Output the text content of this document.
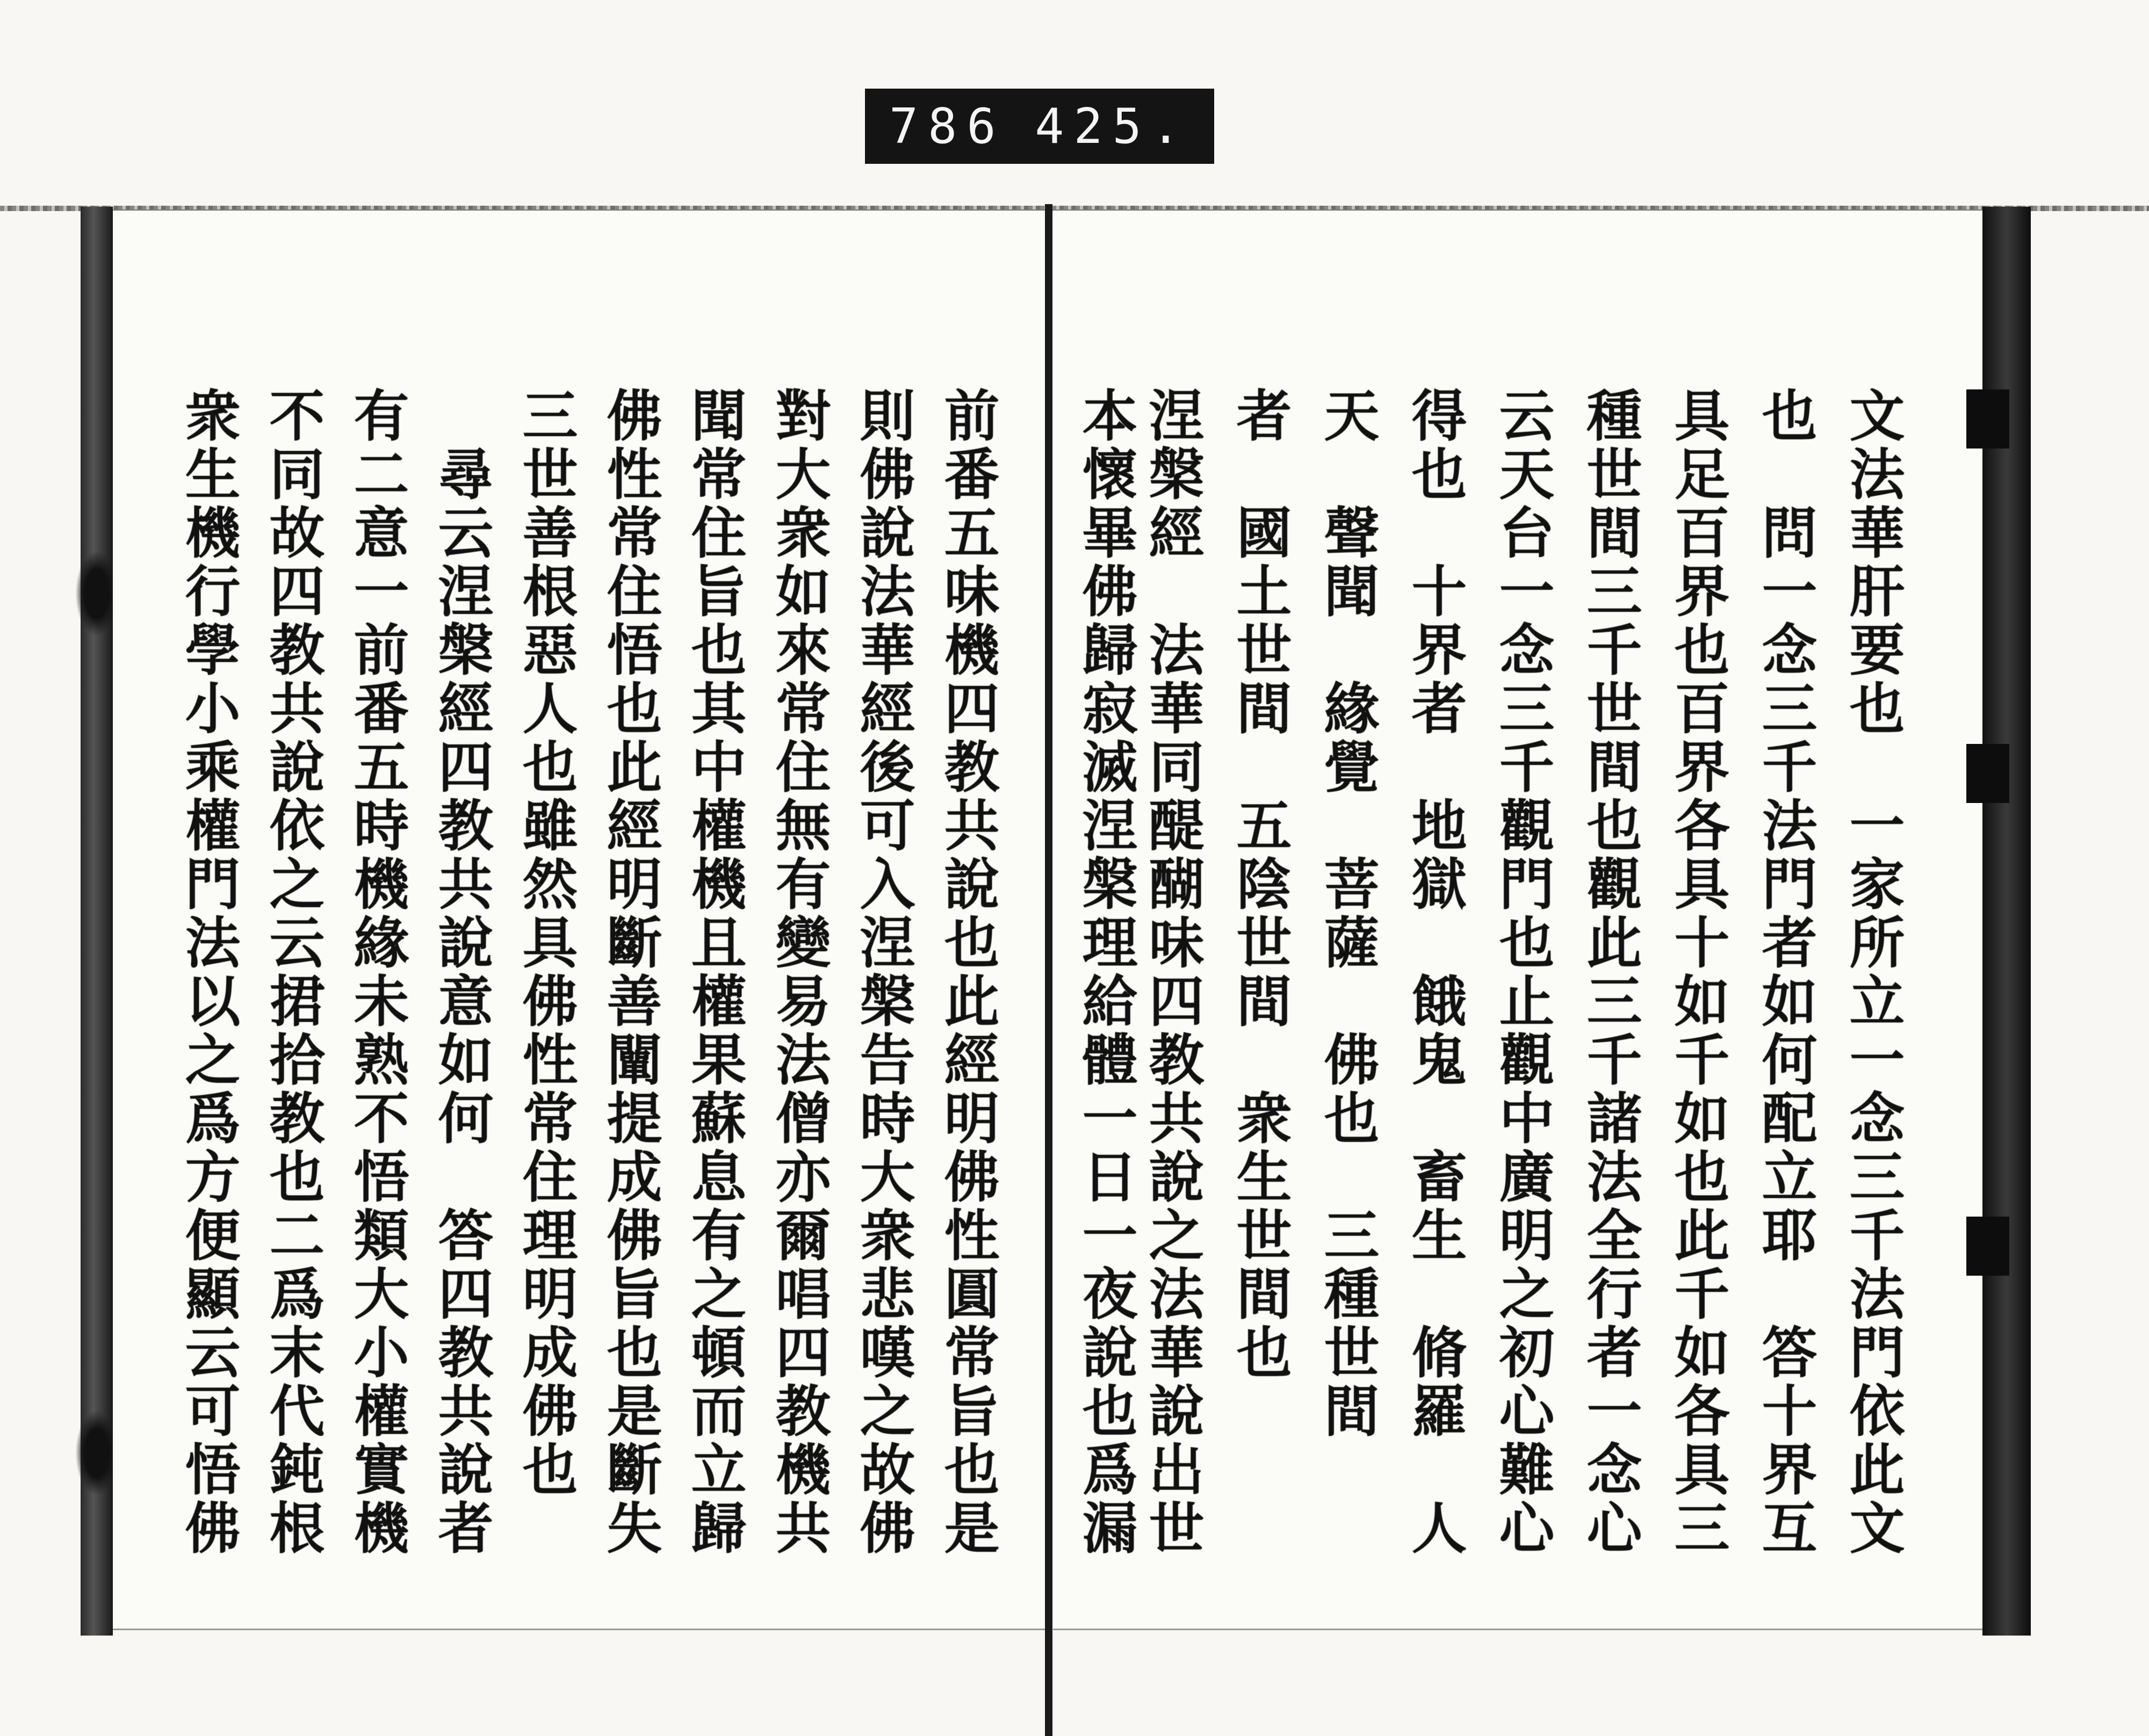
786 425.
文法華肝要也　一家所立一念三千法門依此文
也　問一念三千法門者如何配立耶　答十界互
具足百界也百界各具十如千如也此千如各具三
種世間三千世間也觀此三千諸法全行者一念心
云天台一念三千觀門也止觀中廣明之初心難心
得也　十界者　地獄　餓鬼　畜生　脩羅　人
天　聲聞　緣覺　菩薩　佛也　三種世間
者　國土世間　五陰世間　衆生世間也
涅槃經　法華同醍醐味四教共說之法華說出世
本懷畢佛歸寂滅涅槃理給體一日一夜說也爲漏
前番五味機四教共說也此經明佛性圓常旨也是
則佛說法華經後可入涅槃告時大衆悲嘆之故佛
對大衆如來常住無有變易法僧亦爾唱四教機共
聞常住旨也其中權機且權果蘇息有之頓而立歸
佛性常住悟也此經明斷善闡提成佛旨也是斷失
三世善根惡人也雖然具佛性常住理明成佛也
　尋云涅槃經四教共說意如何　答四教共說者
有二意一前番五時機緣未熟不悟類大小權實機
不同故四教共說依之云捃拾教也二爲末代鈍根
衆生機行學小乘權門法以之爲方便顯云可悟佛
